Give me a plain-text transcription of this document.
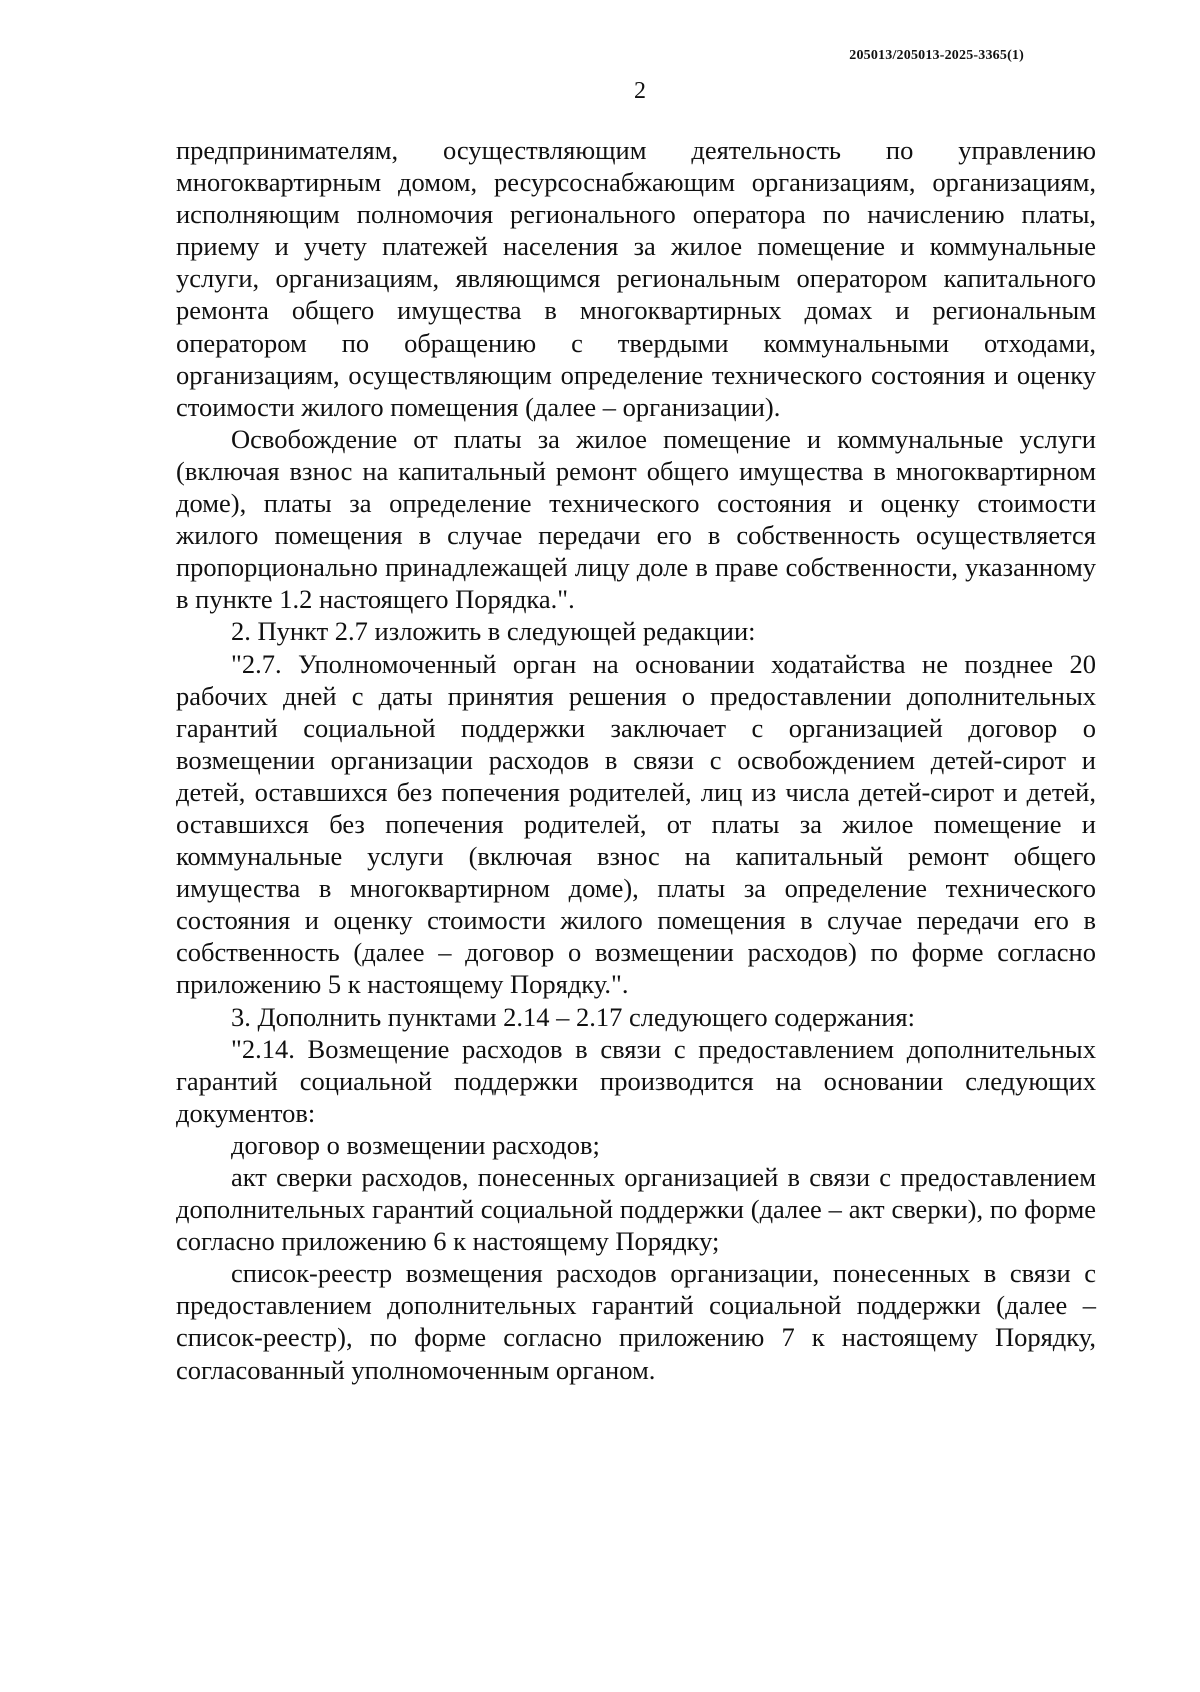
205013/205013-2025-3365(1)
2

предпринимателям, осуществляющим деятельность по управлению многоквартирным домом, ресурсоснабжающим организациям, организациям, исполняющим полномочия регионального оператора по начислению платы, приему и учету платежей населения за жилое помещение и коммунальные услуги, организациям, являющимся региональным оператором капитального ремонта общего имущества в многоквартирных домах и региональным оператором по обращению с твердыми коммунальными отходами, организациям, осуществляющим определение технического состояния и оценку стоимости жилого помещения (далее – организации).

Освобождение от платы за жилое помещение и коммунальные услуги (включая взнос на капитальный ремонт общего имущества в многоквартирном доме), платы за определение технического состояния и оценку стоимости жилого помещения в случае передачи его в собственность осуществляется пропорционально принадлежащей лицу доле в праве собственности, указанному в пункте 1.2 настоящего Порядка.".

2. Пункт 2.7 изложить в следующей редакции:

"2.7. Уполномоченный орган на основании ходатайства не позднее 20 рабочих дней с даты принятия решения о предоставлении дополнительных гарантий социальной поддержки заключает с организацией договор о возмещении организации расходов в связи с освобождением детей-сирот и детей, оставшихся без попечения родителей, лиц из числа детей-сирот и детей, оставшихся без попечения родителей, от платы за жилое помещение и коммунальные услуги (включая взнос на капитальный ремонт общего имущества в многоквартирном доме), платы за определение технического состояния и оценку стоимости жилого помещения в случае передачи его в собственность (далее – договор о возмещении расходов) по форме согласно приложению 5 к настоящему Порядку.".

3. Дополнить пунктами 2.14 – 2.17 следующего содержания:

"2.14. Возмещение расходов в связи с предоставлением дополнительных гарантий социальной поддержки производится на основании следующих документов:

договор о возмещении расходов;

акт сверки расходов, понесенных организацией в связи с предоставлением дополнительных гарантий социальной поддержки (далее – акт сверки), по форме согласно приложению 6 к настоящему Порядку;

список-реестр возмещения расходов организации, понесенных в связи с предоставлением дополнительных гарантий социальной поддержки (далее – список-реестр), по форме согласно приложению 7 к настоящему Порядку, согласованный уполномоченным органом.
